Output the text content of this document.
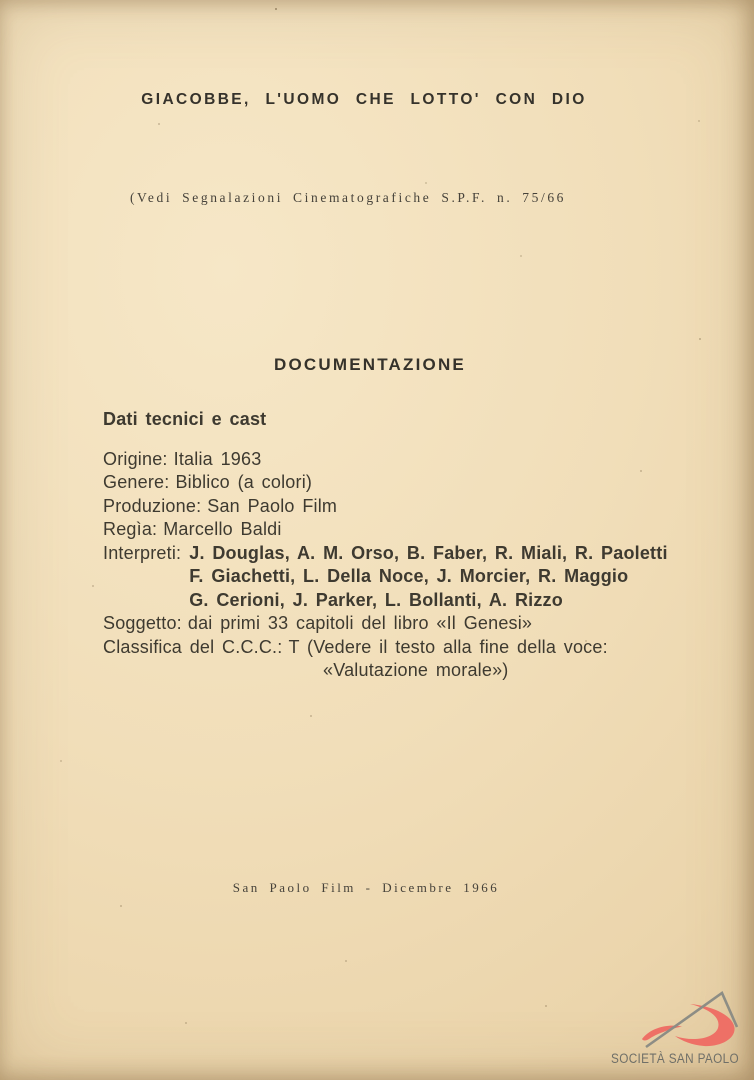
GIACOBBE, L'UOMO CHE LOTTO' CON DIO
(Vedi Segnalazioni Cinematografiche S.P.F. n. 75/66
DOCUMENTAZIONE
Dati tecnici e cast
Origine: Italia 1963
Genere: Biblico (a colori)
Produzione: San Paolo Film
Regìa: Marcello Baldi
Interpreti: J. Douglas, A. M. Orso, B. Faber, R. Miali, R. Paoletti
F. Giachetti, L. Della Noce, J. Morcier, R. Maggio
G. Cerioni, J. Parker, L. Bollanti, A. Rizzo
Soggetto: dai primi 33 capitoli del libro «Il Genesi»
Classifica del C.C.C.: T (Vedere il testo alla fine della voce:
«Valutazione morale»)
San Paolo Film - Dicembre 1966
SOCIETÀ SAN PAOLO
